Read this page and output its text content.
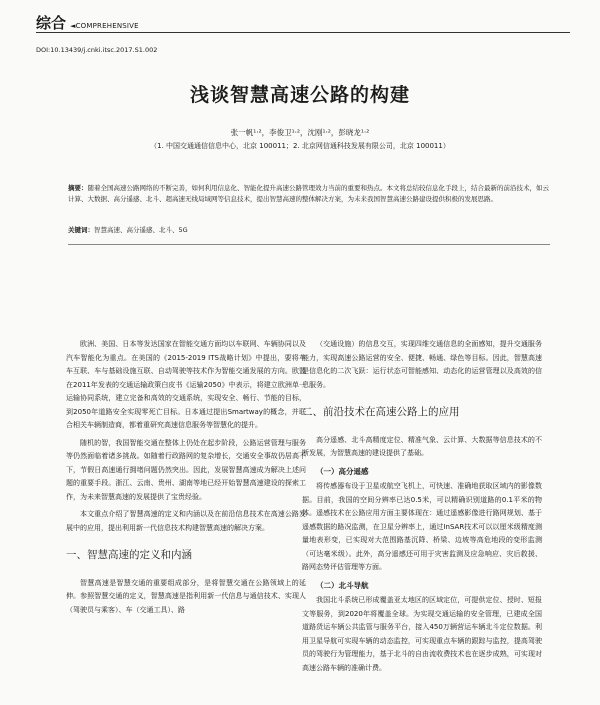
综合 ◄COMPREHENSIVE
DOI:10.13439/j.cnki.itsc.2017.S1.002
浅谈智慧高速公路的构建
张一帆¹·²，李俊卫¹·²，沈刚¹·²，彭晓龙¹·²
（1. 中国交通通信信息中心，北京 100011；2. 北京网信通科技发展有限公司，北京 100011）
摘要：随着全国高速公路网络的不断完善，如何利用信息化、智能化提升高速公路管理效力当前的重要和热点。本文将总结较信息化手段上，结合最新的前沿技术，如云计算、大数据、高分遥感、北斗、超高速无线局域网等信息技术，提出智慧高速的整体解决方案，为未来我国智慧高速公路建设提供积极的发展思路。
关键词：智慧高速、高分遥感、北斗、5G

欧洲、美国、日本等发达国家在智能交通方面均以车联网、车辆协同以及汽车智能化为重点。在美国的《2015-2019 ITS战略计划》中提出，要将车车互联、车与基础设施互联、自动驾驶等技术作为智能交通发展的方向。欧盟在2011年发表的交通运输政策白皮书《运输2050》中表示，将建立欧洲单一运输协同系统，建立完备和高效的交通系统，实现安全、畅行、节能的目标，到2050年道路安全实现零死亡目标。日本通过提出Smartway的概念，并联合相关车辆制造商，都着重研究高速信息服务等智慧化的提升。

随机的智，我国智能交通在整体上仍处在起步阶段，公路运营管理与服务等仍然面临着诸多挑战。如随着行政路网的复杂增长，交通安全事故仍居高不下，节假日高速通行拥堵问题仍然突出。因此，发展智慧高速成为解决上述问题的重要手段。浙江、云南、贵州、湖南等地已经开始智慧高速建设的探索工作，为未来智慧高速的发展提供了宝贵经验。

本文重点介绍了智慧高速的定义和内涵以及在前沿信息技术在高速公路发展中的应用，提出利用新一代信息技术构建智慧高速的解决方案。

一、智慧高速的定义和内涵

智慧高速是智慧交通的重要组成部分，是将智慧交通在公路领域上的延伸。参照智慧交通的定义，智慧高速是指利用新一代信息与通信技术、实现人（驾驶员与乘客）、车（交通工具）、路

（交通设施）的信息交互，实现四维交通信息的全面感知，提升交通服务能力，实现高速公路运营的安全、便捷、畅通、绿色等目标。因此，智慧高速是信息化的二次飞跃：运行状态可智能感知、动态化的运营管理以及高效的信息服务。

二、前沿技术在高速公路上的应用

高分遥感、北斗高精度定位、精准气象、云计算、大数据等信息技术的不断发展，为智慧高速的建设提供了基础。

（一）高分遥感

将传感器布设于卫星或航空飞机上，可快速、准确地获取区域内的影像数据。目前，我国的空间分辨率已达0.5米，可以精确识别道路的0.1平米的物体。遥感技术在公路应用方面主要体现在：通过遥感影像进行路网规划、基于遥感数据的路况监测，在卫星分辨率上，通过InSAR技术可以以厘米级精度测量地表形变，已实现对大范围路基沉降、桥梁、边坡等高危地段的变形监测（可达毫米级）。此外，高分遥感还可用于灾害监测及应急响应、灾后救援、路网态势评估管理等方面。

（二）北斗导航

我国北斗系统已形成覆盖亚太地区的区域定位，可提供定位、授时、短报文等服务，到2020年将覆盖全球。为实现交通运输的安全管理，已建成全国道路货运车辆公共监管与服务平台，接入450万辆营运车辆北斗定位数据。利用卫星导航可实现车辆的动态监控，可实现重点车辆的跟踪与监控，提高驾驶员的驾驶行为管理能力，基于北斗的自由流收费技术也在逐步成熟，可实现对高速公路车辆的准确计费。
